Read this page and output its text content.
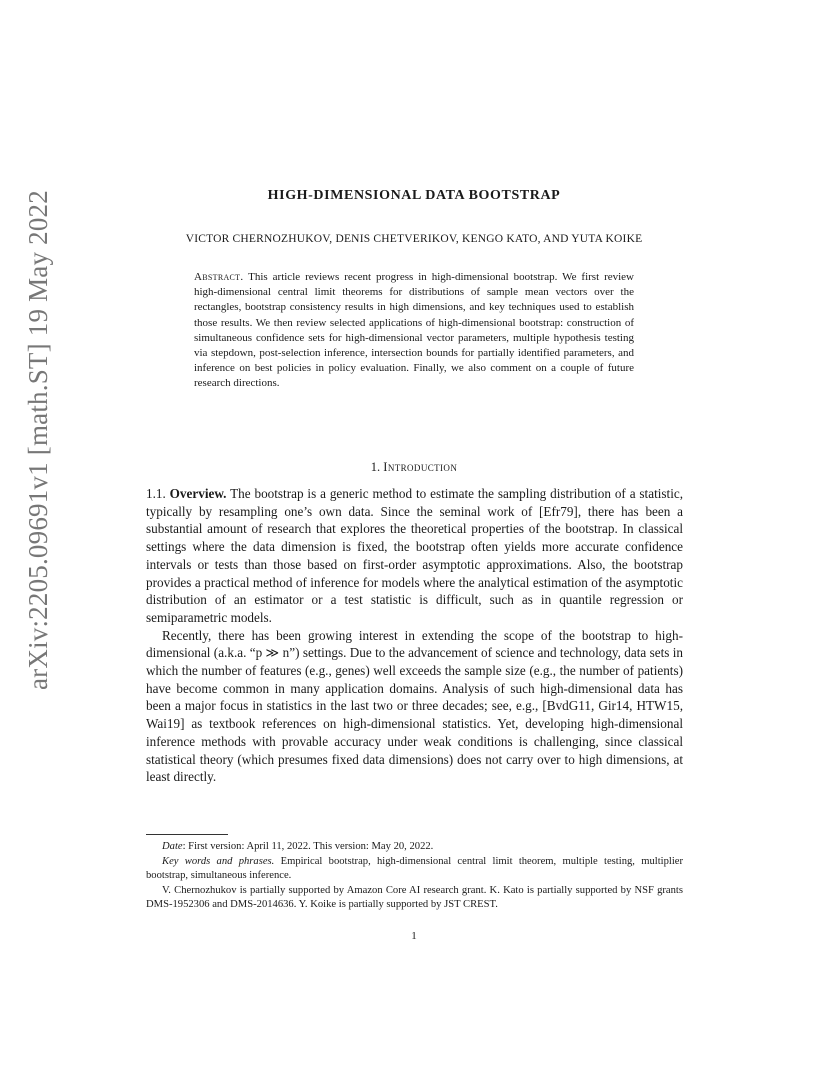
arXiv:2205.09691v1 [math.ST] 19 May 2022	HIGH-DIMENSIONAL DATA BOOTSTRAP
VICTOR CHERNOZHUKOV, DENIS CHETVERIKOV, KENGO KATO, AND YUTA KOIKE
Abstract. This article reviews recent progress in high-dimensional bootstrap. We first review high-dimensional central limit theorems for distributions of sample mean vectors over the rectangles, bootstrap consistency results in high dimensions, and key techniques used to establish those results. We then review selected applications of high-dimensional bootstrap: construction of simultaneous confidence sets for high-dimensional vector parameters, multiple hypothesis testing via stepdown, post-selection inference, intersection bounds for partially identified parameters, and inference on best policies in policy evaluation. Finally, we also comment on a couple of future research directions.
1. Introduction

1.1. Overview. The bootstrap is a generic method to estimate the sampling distribution of a statistic, typically by resampling one’s own data. Since the seminal work of [Efr79], there has been a substantial amount of research that explores the theoretical properties of the bootstrap. In classical settings where the data dimension is fixed, the bootstrap often yields more accurate confidence intervals or tests than those based on first-order asymptotic approximations. Also, the bootstrap provides a practical method of inference for models where the analytical estimation of the asymptotic distribution of an estimator or a test statistic is difficult, such as in quantile regression or semiparametric models.

Recently, there has been growing interest in extending the scope of the bootstrap to high-dimensional (a.k.a. “p ≫ n”) settings. Due to the advancement of science and technology, data sets in which the number of features (e.g., genes) well exceeds the sample size (e.g., the number of patients) have become common in many application domains. Analysis of such high-dimensional data has been a major focus in statistics in the last two or three decades; see, e.g., [BvdG11, Gir14, HTW15, Wai19] as textbook references on high-dimensional statistics. Yet, developing high-dimensional inference methods with provable accuracy under weak conditions is challenging, since classical statistical theory (which presumes fixed data dimensions) does not carry over to high dimensions, at least directly.

Date: First version: April 11, 2022. This version: May 20, 2022.

Key words and phrases. Empirical bootstrap, high-dimensional central limit theorem, multiple testing, multiplier bootstrap, simultaneous inference.

V. Chernozhukov is partially supported by Amazon Core AI research grant. K. Kato is partially supported by NSF grants DMS-1952306 and DMS-2014636. Y. Koike is partially supported by JST CREST.

1
